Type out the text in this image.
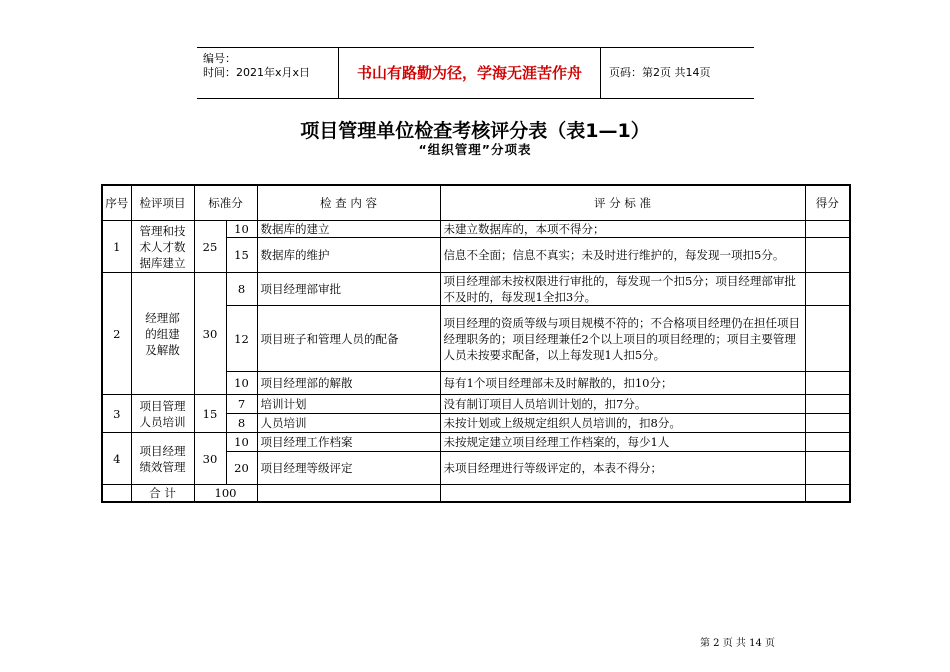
编号：
时间：2021年x月x日	书山有路勤为径，学海无涯苦作舟	页码：第2页 共14页
项目管理单位检查考核评分表（表1—1）
“组织管理”分项表
序号	检评项目	标准分		检 查 内 容	评 分 标 准	得分
1	管理和技术人才数据库建立	25	10	数据库的建立	未建立数据库的，本项不得分；	
			15	数据库的维护	信息不全面；信息不真实；未及时进行维护的，每发现一项扣5分。	
2	经理部的组建及解散	30	8	项目经理部审批	项目经理部未按权限进行审批的，每发现一个扣5分；项目经理部审批不及时的，每发现1全扣3分。	
			12	项目班子和管理人员的配备	项目经理的资质等级与项目规模不符的；不合格项目经理仍在担任项目经理职务的；项目经理兼任2个以上项目的项目经理的；项目主要管理人员未按要求配备，以上每发现1人扣5分。	
			10	项目经理部的解散	每有1个项目经理部未及时解散的，扣10分；	
3	项目管理人员培训	15	7	培训计划	没有制订项目人员培训计划的，扣7分。	
			8	人员培训	未按计划或上级规定组织人员培训的，扣8分。	
4	项目经理绩效管理	30	10	项目经理工作档案	未按规定建立项目经理工作档案的，每少1人	
			20	项目经理等级评定	未项目经理进行等级评定的，本表不得分；	
	合 计	100				
第 2 页 共 14 页
